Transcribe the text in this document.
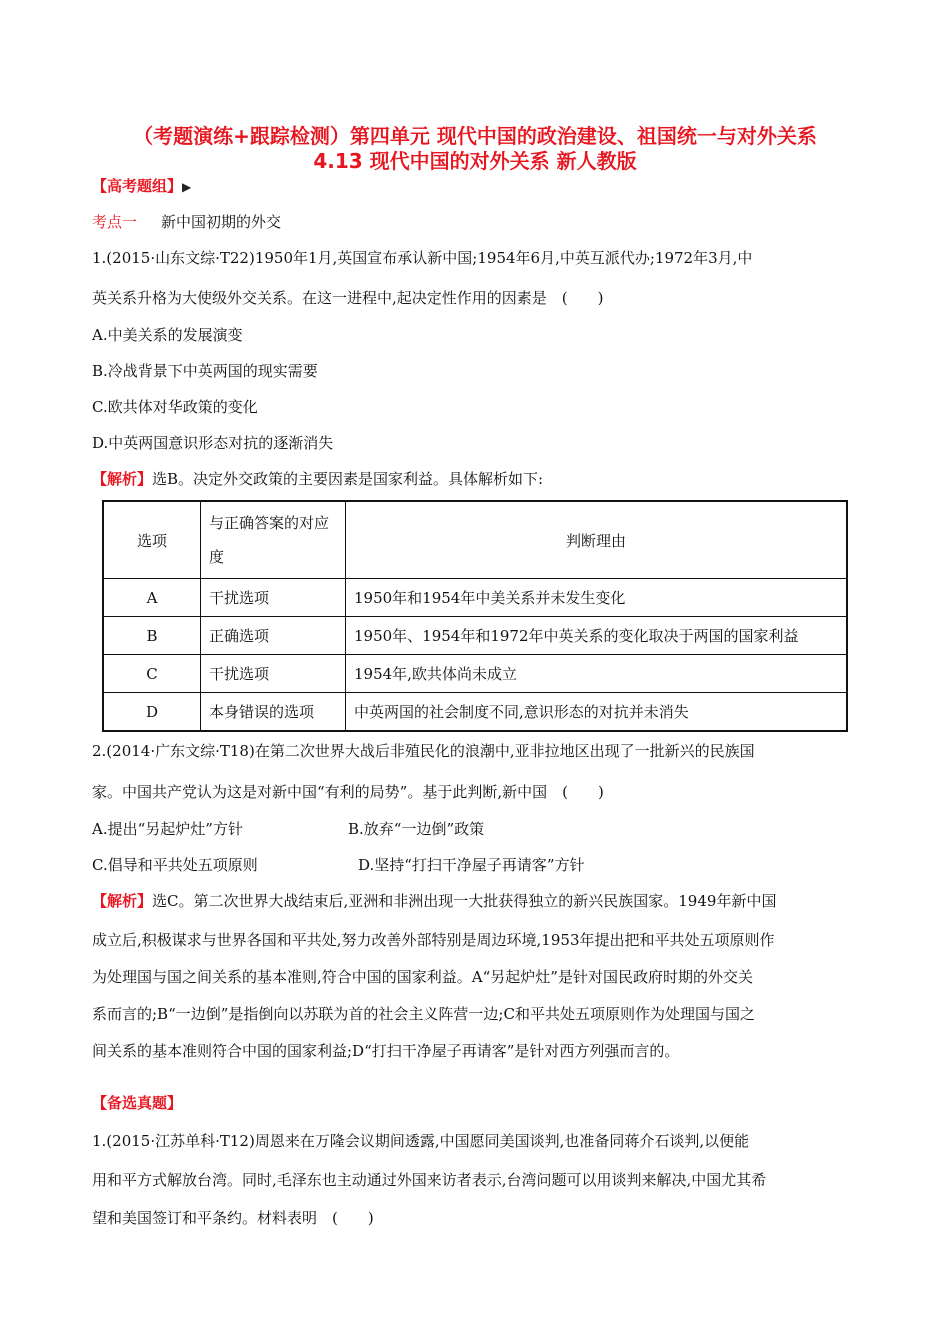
（考题演练+跟踪检测）第四单元 现代中国的政治建设、祖国统一与对外关系
4.13 现代中国的对外关系 新人教版
【高考题组】▶
考点一 新中国初期的外交
1.(2015·山东文综·T22)1950年1月,英国宣布承认新中国;1954年6月,中英互派代办;1972年3月,中
英关系升格为大使级外交关系。在这一进程中,起决定性作用的因素是　(　　)
A.中美关系的发展演变
B.冷战背景下中英两国的现实需要
C.欧共体对华政策的变化
D.中英两国意识形态对抗的逐渐消失
【解析】选B。决定外交政策的主要因素是国家利益。具体解析如下:
选项	与正确答案的对应度	判断理由
A	干扰选项	1950年和1954年中美关系并未发生变化
B	正确选项	1950年、1954年和1972年中英关系的变化取决于两国的国家利益
C	干扰选项	1954年,欧共体尚未成立
D	本身错误的选项	中英两国的社会制度不同,意识形态的对抗并未消失
2.(2014·广东文综·T18)在第二次世界大战后非殖民化的浪潮中,亚非拉地区出现了一批新兴的民族国
家。中国共产党认为这是对新中国“有利的局势”。基于此判断,新中国　(　　)
A.提出“另起炉灶”方针	B.放弃“一边倒”政策
C.倡导和平共处五项原则	D.坚持“打扫干净屋子再请客”方针
【解析】选C。第二次世界大战结束后,亚洲和非洲出现一大批获得独立的新兴民族国家。1949年新中国
成立后,积极谋求与世界各国和平共处,努力改善外部特别是周边环境,1953年提出把和平共处五项原则作
为处理国与国之间关系的基本准则,符合中国的国家利益。A“另起炉灶”是针对国民政府时期的外交关
系而言的;B“一边倒”是指倒向以苏联为首的社会主义阵营一边;C和平共处五项原则作为处理国与国之
间关系的基本准则符合中国的国家利益;D“打扫干净屋子再请客”是针对西方列强而言的。
【备选真题】
1.(2015·江苏单科·T12)周恩来在万隆会议期间透露,中国愿同美国谈判,也准备同蒋介石谈判,以便能
用和平方式解放台湾。同时,毛泽东也主动通过外国来访者表示,台湾问题可以用谈判来解决,中国尤其希
望和美国签订和平条约。材料表明　(　　)
